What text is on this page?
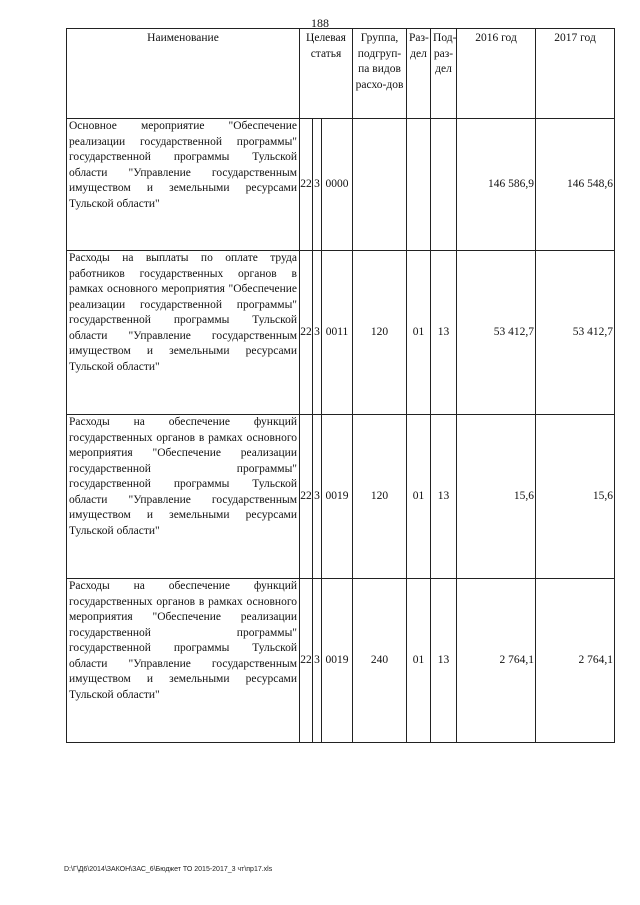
188
Наименование	Целевая статья			Группа, подгруп-па видов расхо-дов	Раз-дел	Под-раз-дел	2016 год	2017 год

Основное мероприятие "Обеспечение реализации государственной программы" государственной программы Тульской области "Управление государственным имуществом и земельными ресурсами Тульской области"	22	3	0000				146 586,9	146 548,6

Расходы на выплаты по оплате труда работников государственных органов в рамках основного мероприятия "Обеспечение реализации государственной программы" государственной программы Тульской области "Управление государственным имуществом и земельными ресурсами Тульской области"	22	3	0011	120	01	13	53 412,7	53 412,7

Расходы на обеспечение функций государственных органов в рамках основного мероприятия "Обеспечение реализации государственной программы" государственной программы Тульской области "Управление государственным имуществом и земельными ресурсами Тульской области"	22	3	0019	120	01	13	15,6	15,6

Расходы на обеспечение функций государственных органов в рамках основного мероприятия "Обеспечение реализации государственной программы" государственной программы Тульской области "Управление государственным имуществом и земельными ресурсами Тульской области"	22	3	0019	240	01	13	2 764,1	2 764,1
D:\Г\Д6\2014\ЗАКОН\ЗАС_6\Бюджет ТО 2015-2017_3 чт\пр17.xls
